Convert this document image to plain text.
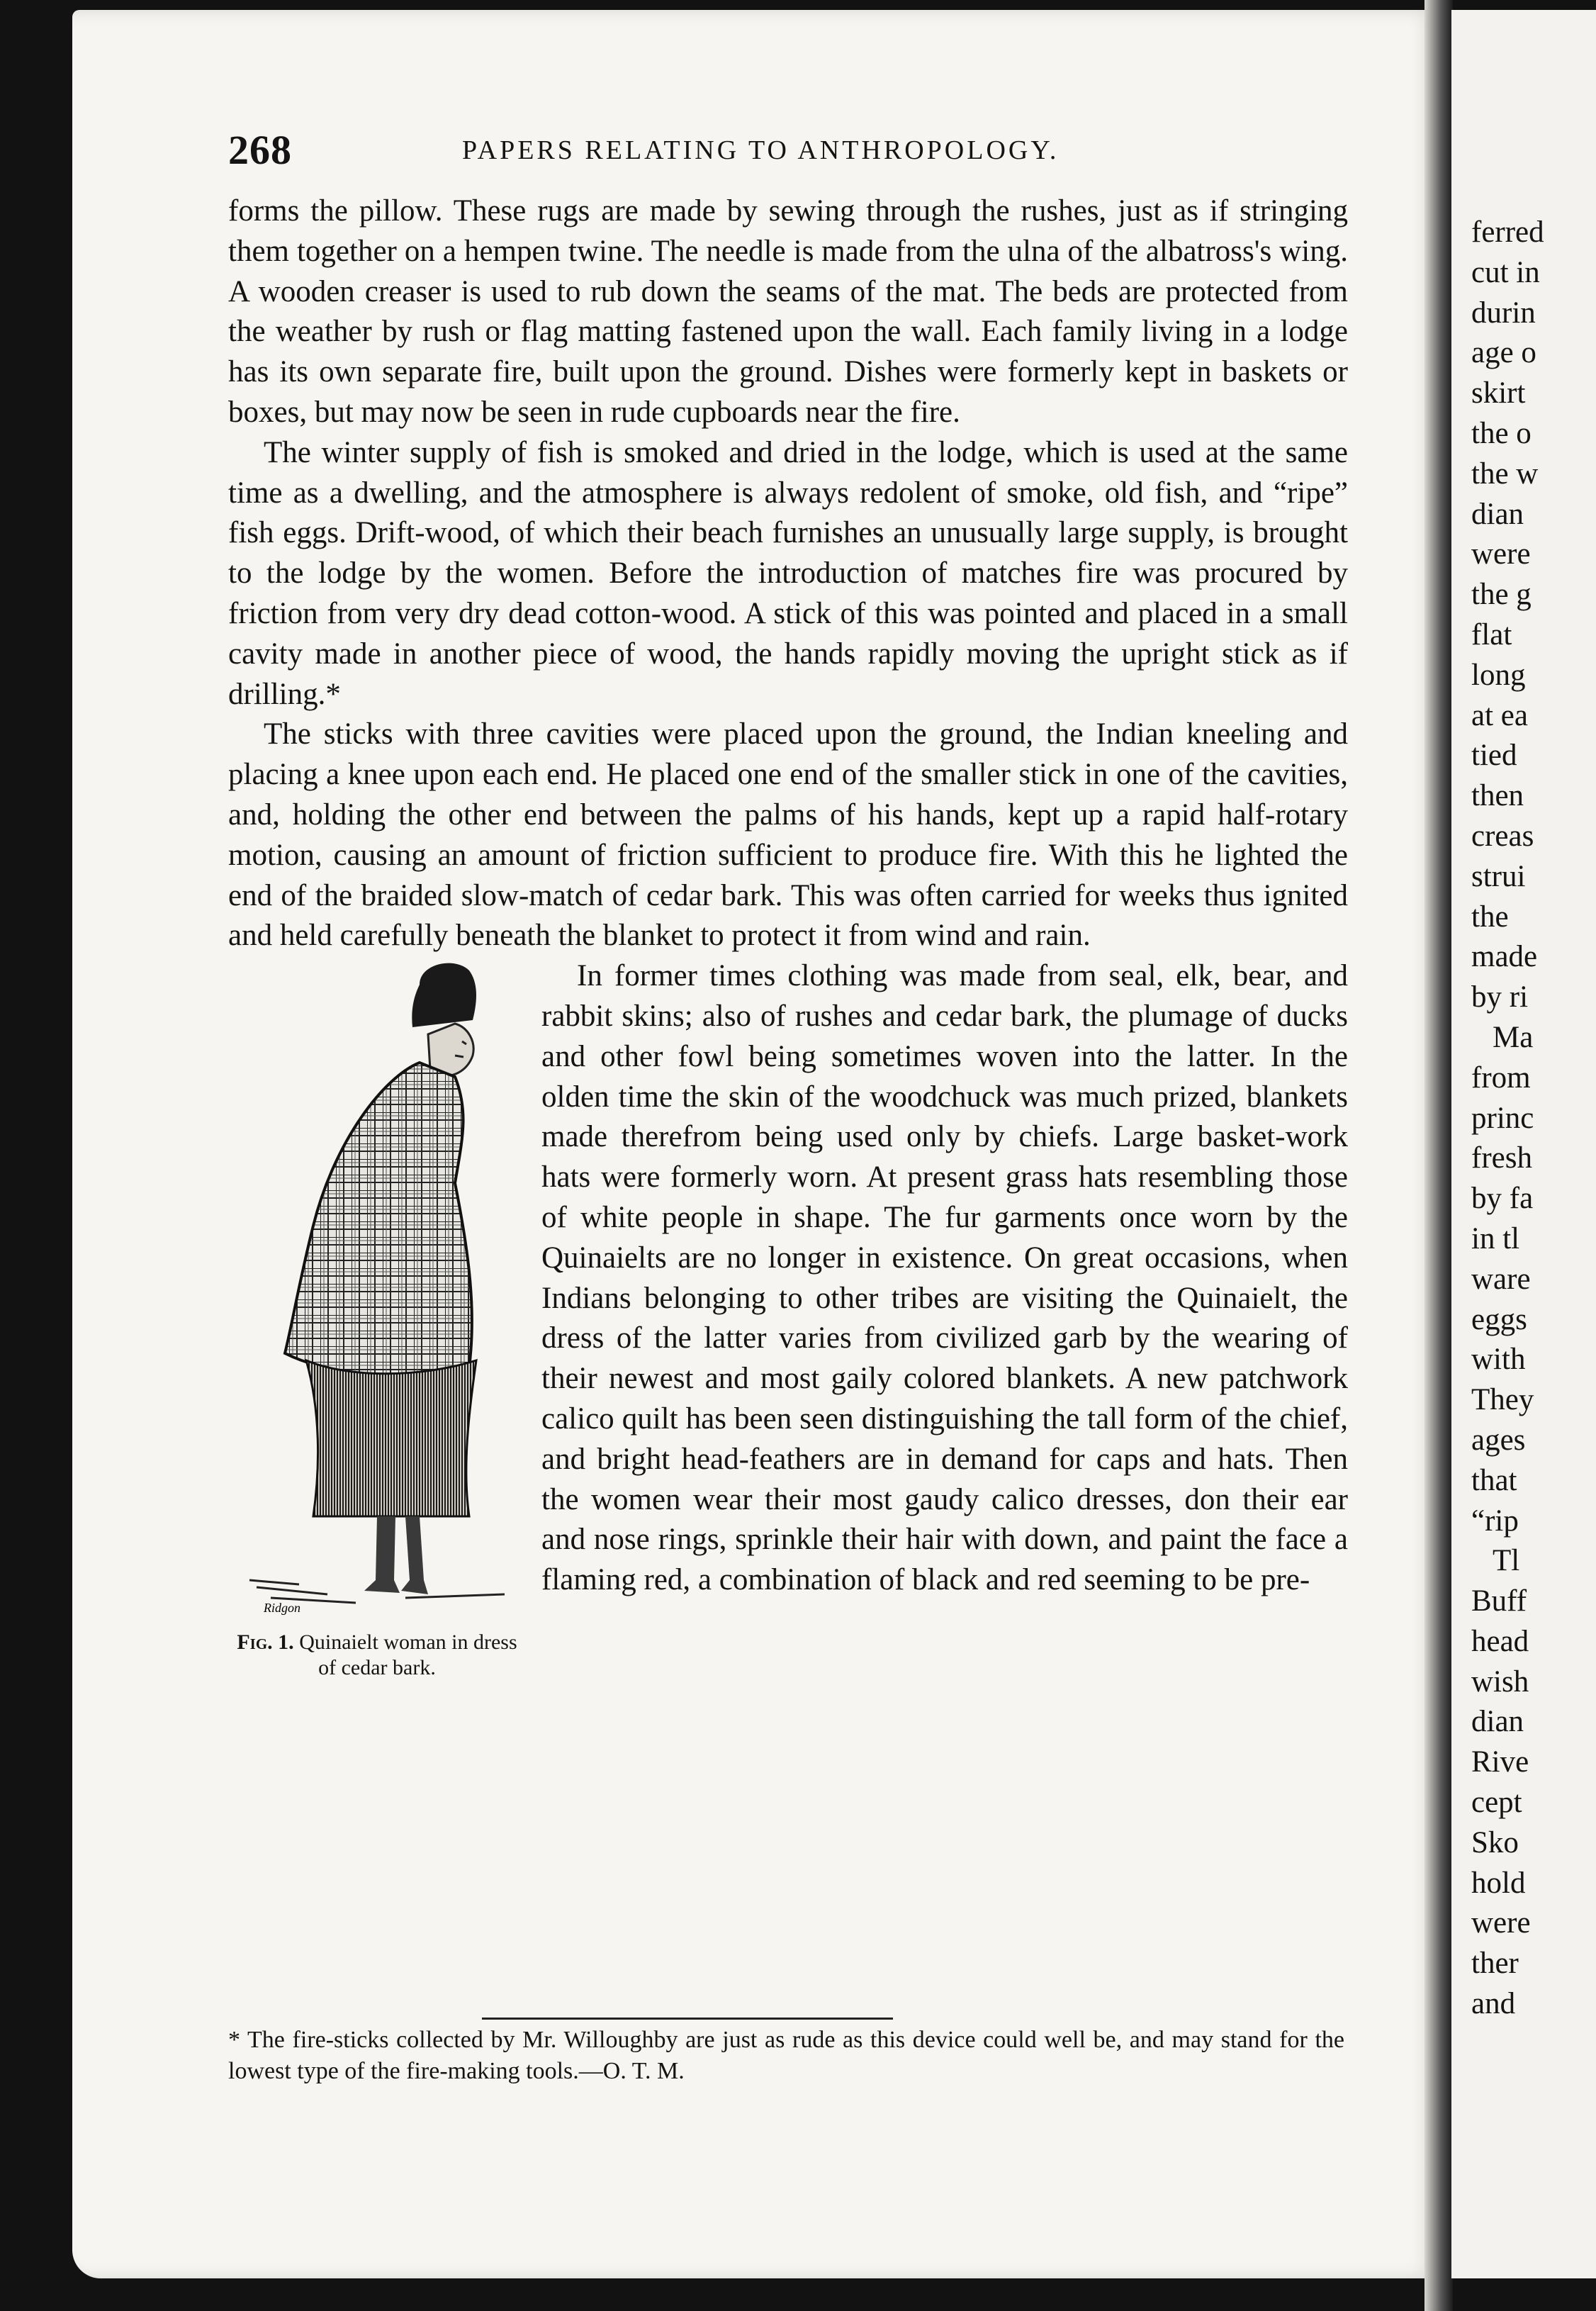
268	PAPERS RELATING TO ANTHROPOLOGY.

forms the pillow. These rugs are made by sewing through the rushes, just as if stringing them together on a hempen twine. The needle is made from the ulna of the albatross's wing. A wooden creaser is used to rub down the seams of the mat. The beds are protected from the weather by rush or flag matting fastened upon the wall. Each family living in a lodge has its own separate fire, built upon the ground. Dishes were formerly kept in baskets or boxes, but may now be seen in rude cupboards near the fire.

The winter supply of fish is smoked and dried in the lodge, which is used at the same time as a dwelling, and the atmosphere is always redolent of smoke, old fish, and “ripe” fish eggs. Drift-wood, of which their beach furnishes an unusually large supply, is brought to the lodge by the women. Before the introduction of matches fire was procured by friction from very dry dead cotton-wood. A stick of this was pointed and placed in a small cavity made in another piece of wood, the hands rapidly moving the upright stick as if drilling.*

The sticks with three cavities were placed upon the ground, the Indian kneeling and placing a knee upon each end. He placed one end of the smaller stick in one of the cavities, and, holding the other end between the palms of his hands, kept up a rapid half-rotary motion, causing an amount of friction sufficient to produce fire. With this he lighted the end of the braided slow-match of cedar bark. This was often carried for weeks thus ignited and held carefully beneath the blanket to protect it from wind and rain.

Ridgon
Fig. 1. Quinaielt woman in dress of cedar bark.

In former times clothing was made from seal, elk, bear, and rabbit skins; also of rushes and cedar bark, the plumage of ducks and other fowl being sometimes woven into the latter. In the olden time the skin of the woodchuck was much prized, blankets made therefrom being used only by chiefs. Large basket-work hats were formerly worn. At present grass hats resembling those of white people in shape. The fur garments once worn by the Quinaielts are no longer in existence. On great occasions, when Indians belonging to other tribes are visiting the Quinaielt, the dress of the latter varies from civilized garb by the wearing of their newest and most gaily colored blankets. A new patchwork calico quilt has been seen distinguishing the tall form of the chief, and bright head-feathers are in demand for caps and hats. Then the women wear their most gaudy calico dresses, don their ear and nose rings, sprinkle their hair with down, and paint the face a flaming red, a combination of black and red seeming to be pre-

* The fire-sticks collected by Mr. Willoughby are just as rude as this device could well be, and may stand for the lowest type of the fire-making tools.—O. T. M.
ferred
cut in
durin
age o
skirt
the o
the w
dian
were
the g
flat
long
at ea
tied
then
creas
strui
the
made
by ri
Ma
from
princ
fresh
by fa
in tl
ware
eggs
with
They
ages
that
“rip
Tl
Buff
head
wish
dian
Rive
cept
Sko
hold
were
ther
and
